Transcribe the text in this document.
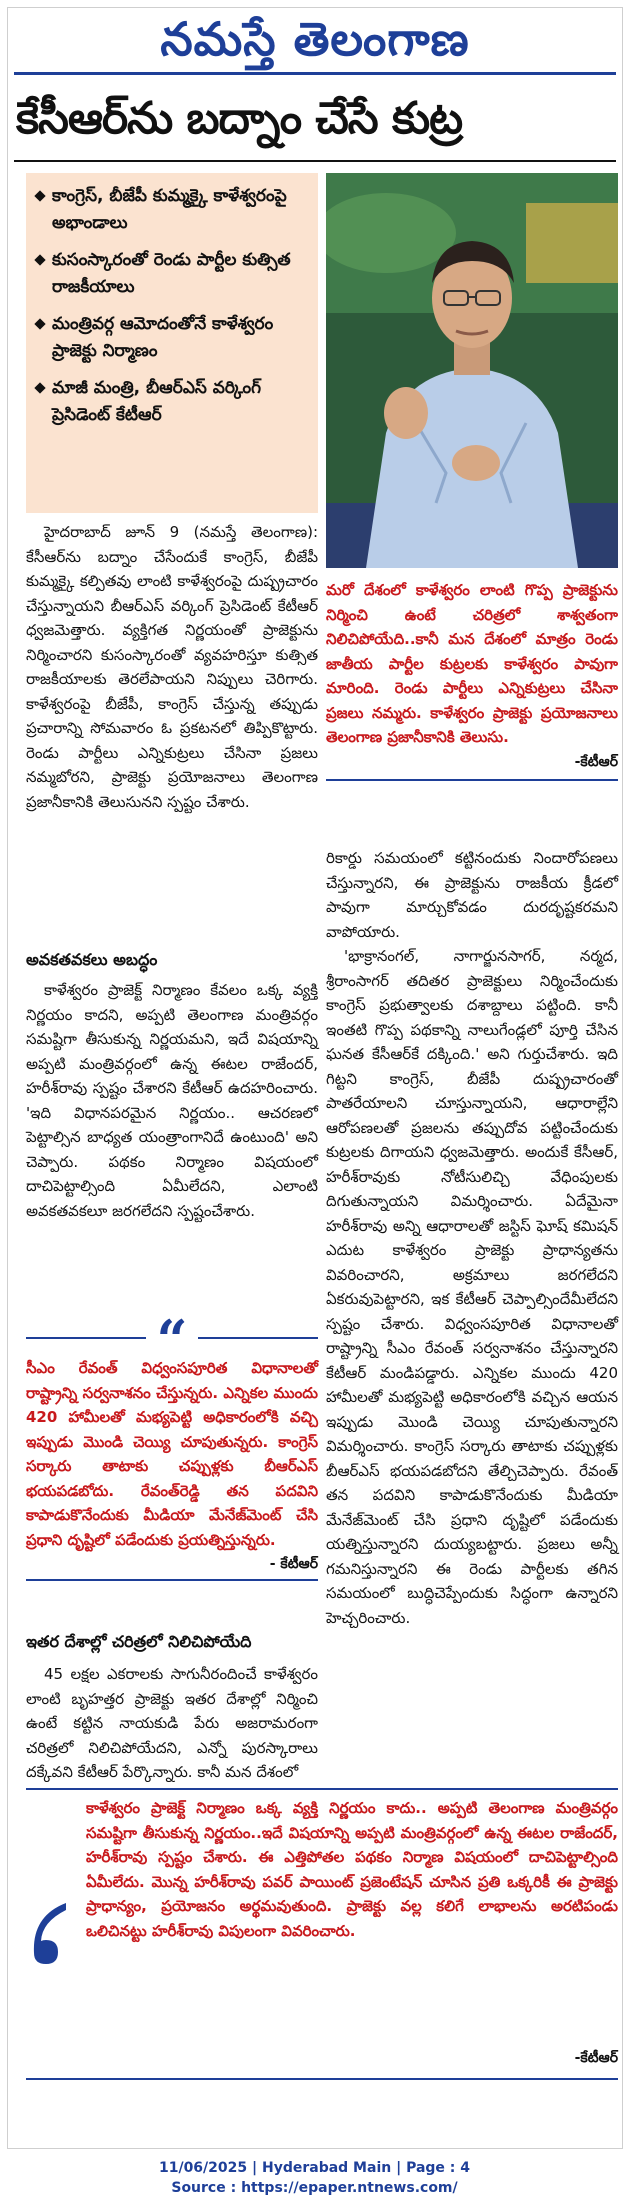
నమస్తే తెలంగాణ
కేసీఆర్‌ను బద్నాం చేసే కుట్ర
కాంగ్రెస్‌, బీజేపీ కుమ్మక్కై కాళేశ్వరంపై అభాండాలు
కుసంస్కారంతో రెండు పార్టీల కుత్సిత రాజకీయాలు
మంత్రివర్గ ఆమోదంతోనే కాళేశ్వరం ప్రాజెక్టు నిర్మాణం
మాజీ మంత్రి, బీఆర్‌ఎస్‌ వర్కింగ్‌ ప్రెసిడెంట్‌ కేటీఆర్‌

హైదరాబాద్‌ జూన్‌ 9 (నమస్తే తెలంగాణ): కేసీఆర్‌ను బద్నాం చేసేందుకే కాంగ్రెస్‌, బీజేపీ కుమ్మక్కై కల్పితవు లాంటి కాళేశ్వరంపై దుష్ప్రచారం చేస్తున్నాయని బీఆర్‌ఎస్‌ వర్కింగ్‌ ప్రెసిడెంట్‌ కేటీఆర్‌ ధ్వజమెత్తారు. వ్యక్తిగత నిర్ణయంతో ప్రాజెక్టును నిర్మించారని కుసంస్కారంతో వ్యవహరిస్తూ కుత్సిత రాజకీయాలకు తెరలేపాయని నిప్పులు చెరిగారు. కాళేశ్వరంపై బీజేపీ, కాంగ్రెస్‌ చేస్తున్న తప్పుడు ప్రచారాన్ని సోమవారం ఓ ప్రకటనలో తిప్పికొట్టారు. రెండు పార్టీలు ఎన్నికుట్రలు చేసినా ప్రజలు నమ్మబోరని, ప్రాజెక్టు ప్రయోజనాలు తెలంగాణ ప్రజానీకానికి తెలుసునని స్పష్టం చేశారు.

మరో దేశంలో కాళేశ్వరం లాంటి గొప్ప ప్రాజెక్టును నిర్మించి ఉంటే చరిత్రలో శాశ్వతంగా నిలిచిపోయేది..కానీ మన దేశంలో మాత్రం రెండు జాతీయ పార్టీల కుట్రలకు కాళేశ్వరం పావుగా మారింది. రెండు పార్టీలు ఎన్నికుట్రలు చేసినా ప్రజలు నమ్మరు. కాళేశ్వరం ప్రాజెక్టు ప్రయోజనాలు తెలంగాణ ప్రజానీకానికి తెలుసు.
-కేటీఆర్‌

అవకతవకలు అబద్ధం

కాళేశ్వరం ప్రాజెక్ట్‌ నిర్మాణం కేవలం ఒక్క వ్యక్తి నిర్ణయం కాదని, అప్పటి తెలంగాణ మంత్రివర్గం సమష్టిగా తీసుకున్న నిర్ణయమని, ఇదే విషయాన్ని అప్పటి మంత్రివర్గంలో ఉన్న ఈటల రాజేందర్‌, హరీశ్‌రావు స్పష్టం చేశారని కేటీఆర్‌ ఉదహరించారు. 'ఇది విధానపరమైన నిర్ణయం.. ఆచరణలో పెట్టాల్సిన బాధ్యత యంత్రాంగానిదే ఉంటుంది' అని చెప్పారు. పథకం నిర్మాణం విషయంలో దాచిపెట్టాల్సింది ఏమీలేదని, ఎలాంటి అవకతవకలూ జరగలేదని స్పష్టంచేశారు.

“
సీఎం రేవంత్‌ విధ్వంసపూరిత విధానాలతో రాష్ట్రాన్ని సర్వనాశనం చేస్తున్నరు. ఎన్నికల ముందు 420 హామీలతో మభ్యపెట్టి అధికారంలోకి వచ్చి ఇప్పుడు మొండి చెయ్యి చూపుతున్నరు. కాంగ్రెస్‌ సర్కారు తాటాకు చప్పుళ్లకు బీఆర్‌ఎస్‌ భయపడబోదు. రేవంత్‌రెడ్డి తన పదవిని కాపాడుకొనేందుకు మీడియా మేనేజ్‌మెంట్‌ చేసి ప్రధాని దృష్టిలో పడేందుకు ప్రయత్నిస్తున్నరు.
- కేటీఆర్‌

ఇతర దేశాల్లో చరిత్రలో నిలిచిపోయేది

45 లక్షల ఎకరాలకు సాగునీరందించే కాళేశ్వరం లాంటి బృహత్తర ప్రాజెక్టు ఇతర దేశాల్లో నిర్మించి ఉంటే కట్టిన నాయకుడి పేరు అజరామరంగా చరిత్రలో నిలిచిపోయేదని, ఎన్నో పురస్కారాలు దక్కేవని కేటీఆర్‌ పేర్కొన్నారు. కానీ మన దేశంలో

రికార్డు సమయంలో కట్టినందుకు నిందారోపణలు చేస్తున్నారని, ఈ ప్రాజెక్టును రాజకీయ క్రీడలో పావుగా మార్చుకోవడం దురదృష్టకరమని వాపోయారు.

'భాక్రానంగల్‌, నాగార్జునసాగర్‌, నర్మద, శ్రీరాంసాగర్‌ తదితర ప్రాజెక్టులు నిర్మించేందుకు కాంగ్రెస్‌ ప్రభుత్వాలకు దశాబ్దాలు పట్టింది. కానీ ఇంతటి గొప్ప పథకాన్ని నాలుగేండ్లలో పూర్తి చేసిన ఘనత కేసీఆర్‌కే దక్కింది.' అని గుర్తుచేశారు. ఇది గిట్టని కాంగ్రెస్‌, బీజేపీ దుష్ప్రచారంతో పాతరేయాలని చూస్తున్నాయని, ఆధారాల్లేని ఆరోపణలతో ప్రజలను తప్పుదోవ పట్టించేందుకు కుట్రలకు దిగాయని ధ్వజమెత్తారు. అందుకే కేసీఆర్‌, హరీశ్‌రావుకు నోటీసులిచ్చి వేధింపులకు దిగుతున్నాయని విమర్శించారు. ఏదేమైనా హరీశ్‌రావు అన్ని ఆధారాలతో జస్టిస్‌ ఘోష్‌ కమిషన్‌ ఎదుట కాళేశ్వరం ప్రాజెక్టు ప్రాధాన్యతను వివరించారని, అక్రమాలు జరగలేదని ఏకరువుపెట్టారని, ఇక కేటీఆర్‌ చెప్పాల్సిందేమీలేదని స్పష్టం చేశారు. విధ్వంసపూరిత విధానాలతో రాష్ట్రాన్ని సీఎం రేవంత్‌ సర్వనాశనం చేస్తున్నారని కేటీఆర్‌ మండిపడ్డారు. ఎన్నికల ముందు 420 హామీలతో మభ్యపెట్టి అధికారంలోకి వచ్చిన ఆయన ఇప్పుడు మొండి చెయ్యి చూపుతున్నారని విమర్శించారు. కాంగ్రెస్‌ సర్కారు తాటాకు చప్పుళ్లకు బీఆర్‌ఎస్‌ భయపడబోదని తేల్చిచెప్పారు. రేవంత్‌ తన పదవిని కాపాడుకొనేందుకు మీడియా మేనేజ్‌మెంట్‌ చేసి ప్రధాని దృష్టిలో పడేందుకు యత్నిస్తున్నారని దుయ్యబట్టారు. ప్రజలు అన్నీ గమనిస్తున్నారని ఈ రెండు పార్టీలకు తగిన సమయంలో బుద్ధిచెప్పేందుకు సిద్ధంగా ఉన్నారని హెచ్చరించారు.

కాళేశ్వరం ప్రాజెక్ట్‌ నిర్మాణం ఒక్క వ్యక్తి నిర్ణయం కాదు.. అప్పటి తెలంగాణ మంత్రివర్గం సమష్టిగా తీసుకున్న నిర్ణయం..ఇదే విషయాన్ని అప్పటి మంత్రివర్గంలో ఉన్న ఈటల రాజేందర్‌, హరీశ్‌రావు స్పష్టం చేశారు. ఈ ఎత్తిపోతల పథకం నిర్మాణ విషయంలో దాచిపెట్టాల్సింది ఏమీలేదు. మొన్న హరీశ్‌రావు పవర్‌ పాయింట్‌ ప్రజెంటేషన్‌ చూసిన ప్రతి ఒక్కరికీ ఈ ప్రాజెక్టు ప్రాధాన్యం, ప్రయోజనం అర్థమవుతుంది. ప్రాజెక్టు వల్ల కలిగే లాభాలను అరటిపండు ఒలిచినట్టు హరీశ్‌రావు విపులంగా వివరించారు.
-కేటీఆర్‌
11/06/2025 | Hyderabad Main | Page : 4
Source : https://epaper.ntnews.com/
